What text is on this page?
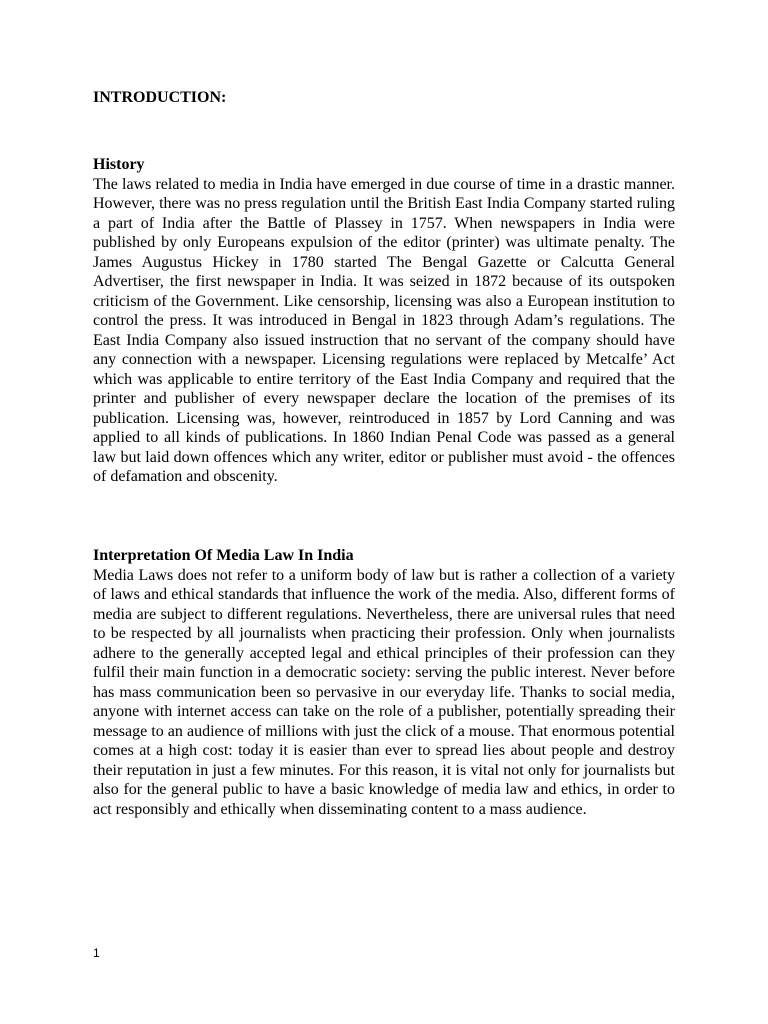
INTRODUCTION:
History

The laws related to media in India have emerged in due course of time in a drastic manner. However, there was no press regulation until the British East India Company started ruling a part of India after the Battle of Plassey in 1757. When newspapers in India were published by only Europeans expulsion of the editor (printer) was ultimate penalty. The James Augustus Hickey in 1780 started The Bengal Gazette or Calcutta General Advertiser, the first newspaper in India. It was seized in 1872 because of its outspoken criticism of the Government. Like censorship, licensing was also a European institution to control the press. It was introduced in Bengal in 1823 through Adam’s regulations. The East India Company also issued instruction that no servant of the company should have any connection with a newspaper. Licensing regulations were replaced by Metcalfe’ Act which was applicable to entire territory of the East India Company and required that the printer and publisher of every newspaper declare the location of the premises of its publication. Licensing was, however, reintroduced in 1857 by Lord Canning and was applied to all kinds of publications. In 1860 Indian Penal Code was passed as a general law but laid down offences which any writer, editor or publisher must avoid - the offences of defamation and obscenity.

Interpretation Of Media Law In India

Media Laws does not refer to a uniform body of law but is rather a collection of a variety of laws and ethical standards that influence the work of the media. Also, different forms of media are subject to different regulations. Nevertheless, there are universal rules that need to be respected by all journalists when practicing their profession. Only when journalists adhere to the generally accepted legal and ethical principles of their profession can they fulfil their main function in a democratic society: serving the public interest. Never before has mass communication been so pervasive in our everyday life. Thanks to social media, anyone with internet access can take on the role of a publisher, potentially spreading their message to an audience of millions with just the click of a mouse. That enormous potential comes at a high cost: today it is easier than ever to spread lies about people and destroy their reputation in just a few minutes. For this reason, it is vital not only for journalists but also for the general public to have a basic knowledge of media law and ethics, in order to act responsibly and ethically when disseminating content to a mass audience.

1
